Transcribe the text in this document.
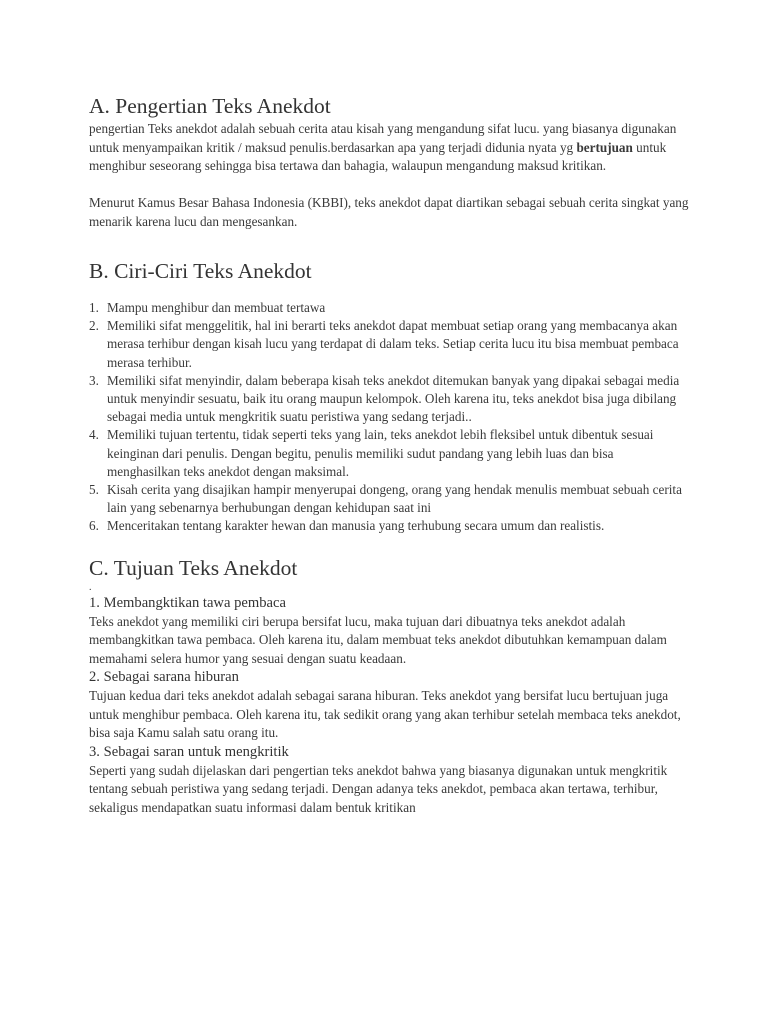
A. Pengertian Teks Anekdot

pengertian Teks anekdot adalah sebuah cerita atau kisah yang mengandung sifat lucu. yang biasanya digunakan untuk menyampaikan kritik / maksud penulis.berdasarkan apa yang terjadi didunia nyata yg bertujuan untuk menghibur seseorang sehingga bisa tertawa dan bahagia, walaupun mengandung maksud kritikan.

Menurut Kamus Besar Bahasa Indonesia (KBBI), teks anekdot dapat diartikan sebagai sebuah cerita singkat yang menarik karena lucu dan mengesankan.

B. Ciri-Ciri Teks Anekdot
1. Mampu menghibur dan membuat tertawa
2. Memiliki sifat menggelitik, hal ini berarti teks anekdot dapat membuat setiap orang yang membacanya akan merasa terhibur dengan kisah lucu yang terdapat di dalam teks. Setiap cerita lucu itu bisa membuat pembaca merasa terhibur.
3. Memiliki sifat menyindir, dalam beberapa kisah teks anekdot ditemukan banyak yang dipakai sebagai media untuk menyindir sesuatu, baik itu orang maupun kelompok. Oleh karena itu, teks anekdot bisa juga dibilang sebagai media untuk mengkritik suatu peristiwa yang sedang terjadi..
4. Memiliki tujuan tertentu, tidak seperti teks yang lain, teks anekdot lebih fleksibel untuk dibentuk sesuai keinginan dari penulis. Dengan begitu, penulis memiliki sudut pandang yang lebih luas dan bisa menghasilkan teks anekdot dengan maksimal.
5. Kisah cerita yang disajikan hampir menyerupai dongeng, orang yang hendak menulis membuat sebuah cerita lain yang sebenarnya berhubungan dengan kehidupan saat ini
6. Menceritakan tentang karakter hewan dan manusia yang terhubung secara umum dan realistis.
C. Tujuan Teks Anekdot

.

1. Membangktikan tawa pembaca

Teks anekdot yang memiliki ciri berupa bersifat lucu, maka tujuan dari dibuatnya teks anekdot adalah membangkitkan tawa pembaca. Oleh karena itu, dalam membuat teks anekdot dibutuhkan kemampuan dalam memahami selera humor yang sesuai dengan suatu keadaan.

2. Sebagai sarana hiburan

Tujuan kedua dari teks anekdot adalah sebagai sarana hiburan. Teks anekdot yang bersifat lucu bertujuan juga untuk menghibur pembaca. Oleh karena itu, tak sedikit orang yang akan terhibur setelah membaca teks anekdot, bisa saja Kamu salah satu orang itu.

3. Sebagai saran untuk mengkritik

Seperti yang sudah dijelaskan dari pengertian teks anekdot bahwa yang biasanya digunakan untuk mengkritik tentang sebuah peristiwa yang sedang terjadi. Dengan adanya teks anekdot, pembaca akan tertawa, terhibur, sekaligus mendapatkan suatu informasi dalam bentuk kritikan
